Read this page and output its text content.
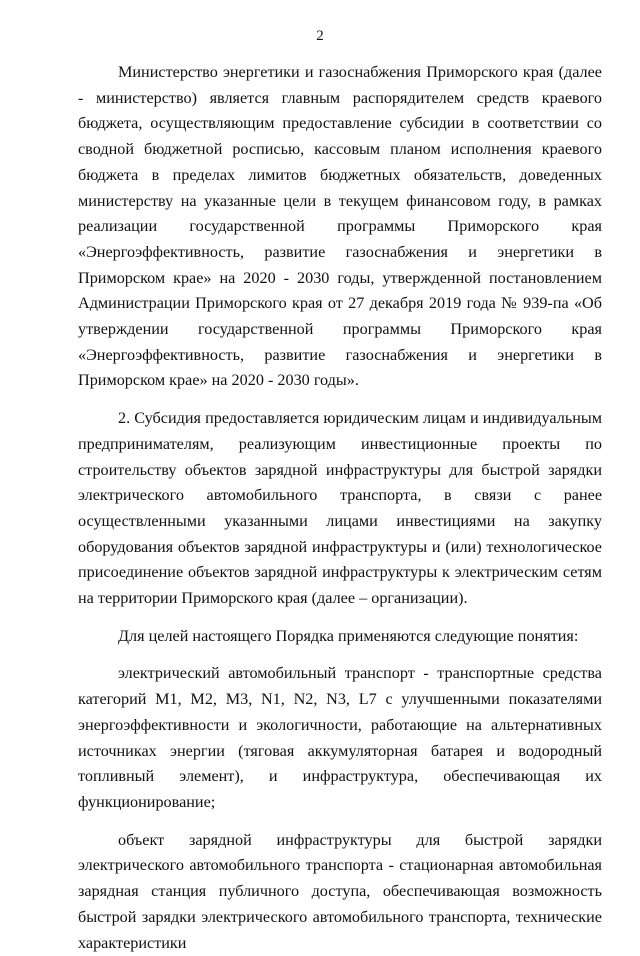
2

Министерство энергетики и газоснабжения Приморского края (далее - министерство) является главным распорядителем средств краевого бюджета, осуществляющим предоставление субсидии в соответствии со сводной бюджетной росписью, кассовым планом исполнения краевого бюджета в пределах лимитов бюджетных обязательств, доведенных министерству на указанные цели в текущем финансовом году, в рамках реализации государственной программы Приморского края «Энергоэффективность, развитие газоснабжения и энергетики в Приморском крае» на 2020 - 2030 годы, утвержденной постановлением Администрации Приморского края от 27 декабря 2019 года № 939-па «Об утверждении государственной программы Приморского края «Энергоэффективность, развитие газоснабжения и энергетики в Приморском крае» на 2020 - 2030 годы».

2. Субсидия предоставляется юридическим лицам и индивидуальным предпринимателям, реализующим инвестиционные проекты по строительству объектов зарядной инфраструктуры для быстрой зарядки электрического автомобильного транспорта, в связи с ранее осуществленными указанными лицами инвестициями на закупку оборудования объектов зарядной инфраструктуры и (или) технологическое присоединение объектов зарядной инфраструктуры к электрическим сетям на территории Приморского края (далее – организации).

Для целей настоящего Порядка применяются следующие понятия:

электрический автомобильный транспорт - транспортные средства категорий M1, M2, M3, N1, N2, N3, L7 с улучшенными показателями энергоэффективности и экологичности, работающие на альтернативных источниках энергии (тяговая аккумуляторная батарея и водородный топливный элемент), и инфраструктура, обеспечивающая их функционирование;

объект зарядной инфраструктуры для быстрой зарядки электрического автомобильного транспорта - стационарная автомобильная зарядная станция публичного доступа, обеспечивающая возможность быстрой зарядки электрического автомобильного транспорта, технические характеристики
